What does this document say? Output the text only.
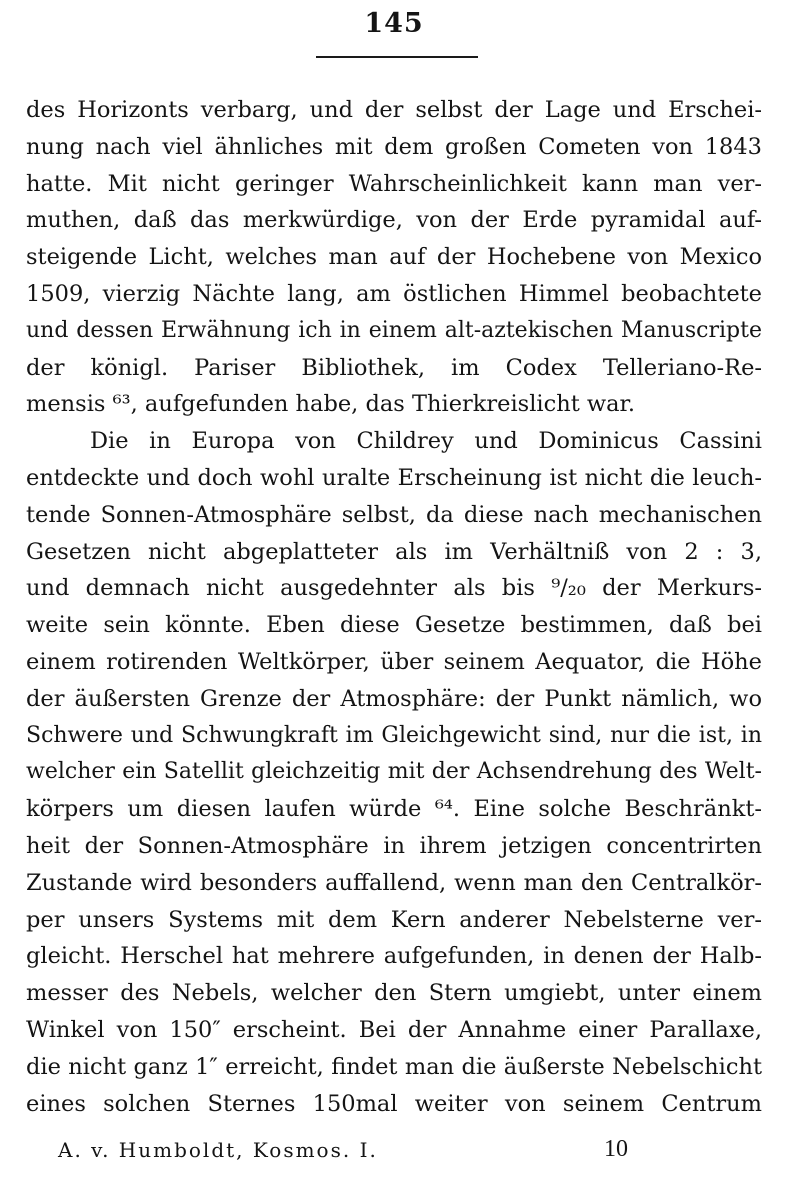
145
des Horizonts verbarg, und der selbst der Lage und Erschei-
nung nach viel ähnliches mit dem großen Cometen von 1843
hatte. Mit nicht geringer Wahrscheinlichkeit kann man ver-
muthen, daß das merkwürdige, von der Erde pyramidal auf-
steigende Licht, welches man auf der Hochebene von Mexico
1509, vierzig Nächte lang, am östlichen Himmel beobachtete
und dessen Erwähnung ich in einem alt-aztekischen Manuscripte
der königl. Pariser Bibliothek, im Codex Telleriano-Re-
mensis ⁶³, aufgefunden habe, das Thierkreislicht war.
Die in Europa von Childrey und Dominicus Cassini
entdeckte und doch wohl uralte Erscheinung ist nicht die leuch-
tende Sonnen-Atmosphäre selbst, da diese nach mechanischen
Gesetzen nicht abgeplatteter als im Verhältniß von 2 : 3,
und demnach nicht ausgedehnter als bis ⁹/₂₀ der Merkurs-
weite sein könnte. Eben diese Gesetze bestimmen, daß bei
einem rotirenden Weltkörper, über seinem Aequator, die Höhe
der äußersten Grenze der Atmosphäre: der Punkt nämlich, wo
Schwere und Schwungkraft im Gleichgewicht sind, nur die ist, in
welcher ein Satellit gleichzeitig mit der Achsendrehung des Welt-
körpers um diesen laufen würde ⁶⁴. Eine solche Beschränkt-
heit der Sonnen-Atmosphäre in ihrem jetzigen concentrirten
Zustande wird besonders auffallend, wenn man den Centralkör-
per unsers Systems mit dem Kern anderer Nebelsterne ver-
gleicht. Herschel hat mehrere aufgefunden, in denen der Halb-
messer des Nebels, welcher den Stern umgiebt, unter einem
Winkel von 150″ erscheint. Bei der Annahme einer Parallaxe,
die nicht ganz 1″ erreicht, findet man die äußerste Nebelschicht
eines solchen Sternes 150mal weiter von seinem Centrum
A. v. Humboldt, Kosmos. I.	10
